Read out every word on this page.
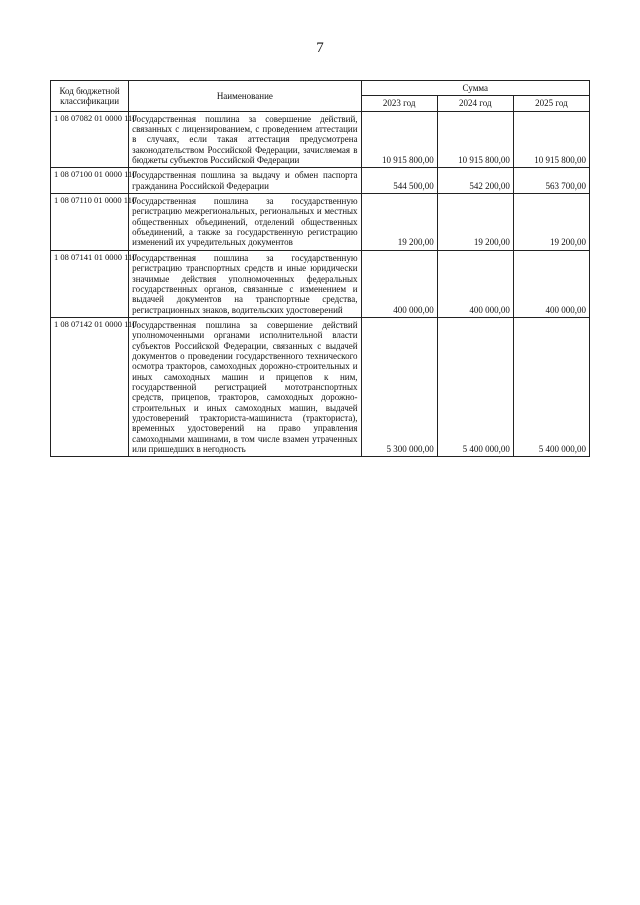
7
Код бюджетной классификации	Наименование	Сумма		
		2023 год	2024 год	2025 год
1 08 07082 01 0000 110	Государственная пошлина за совершение действий, связанных с лицензированием, с проведением аттестации в случаях, если такая аттестация предусмотрена законодательством Российской Федерации, зачисляемая в бюджеты субъектов Российской Федерации	10 915 800,00	10 915 800,00	10 915 800,00
1 08 07100 01 0000 110	Государственная пошлина за выдачу и обмен паспорта гражданина Российской Федерации	544 500,00	542 200,00	563 700,00
1 08 07110 01 0000 110	Государственная пошлина за государственную регистрацию межрегиональных, региональных и местных общественных объединений, отделений общественных объединений, а также за государственную регистрацию изменений их учредительных документов	19 200,00	19 200,00	19 200,00
1 08 07141 01 0000 110	Государственная пошлина за государственную регистрацию транспортных средств и иные юридически значимые действия уполномоченных федеральных государственных органов, связанные с изменением и выдачей документов на транспортные средства, регистрационных знаков, водительских удостоверений	400 000,00	400 000,00	400 000,00
1 08 07142 01 0000 110	Государственная пошлина за совершение действий уполномоченными органами исполнительной власти субъектов Российской Федерации, связанных с выдачей документов о проведении государственного технического осмотра тракторов, самоходных дорожно-строительных и иных самоходных машин и прицепов к ним, государственной регистрацией мототранспортных средств, прицепов, тракторов, самоходных дорожно-строительных и иных самоходных машин, выдачей удостоверений тракториста-машиниста (тракториста), временных удостоверений на право управления самоходными машинами, в том числе взамен утраченных или пришедших в негодность	5 300 000,00	5 400 000,00	5 400 000,00
